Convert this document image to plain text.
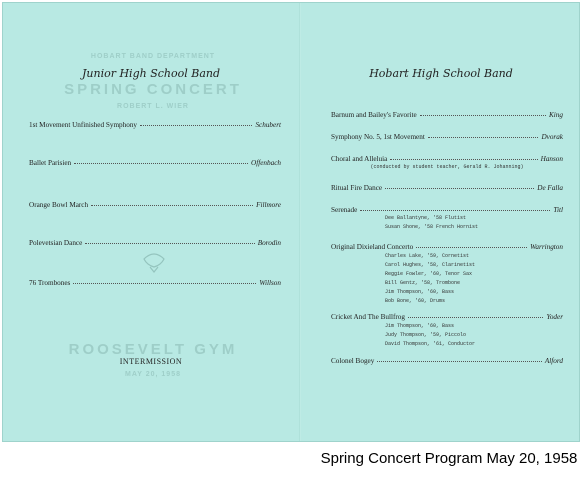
HOBART BAND DEPARTMENT
SPRING CONCERT
ROBERT L. WIER
Junior High School Band
1st Movement Unfinished Symphony	Schubert
Ballet Parisien	Offenbach
Orange Bowl March	Fillmore
Polevetsian Dance	Borodin
76 Trombones	Willson
ROOSEVELT GYM
INTERMISSION
MAY 20, 1958
Hobart High School Band
Barnum and Bailey's Favorite	King
Symphony No. 5, 1st Movement	Dvorak
Choral and Alleluia	Hanson
(conducted by student teacher, Gerald R. Johanning)
Ritual Fire Dance	De Falla
Serenade	Titl
Dee Ballantyne, '58 Flutist
Susan Shone, '58 French Hornist
Original Dixieland Concerto	Warrington
Charles Lake, '59, Cornetist
Carol Hughes, '58, Clarinetist
Reggie Fowler, '60, Tenor Sax
Bill Gentz, '58, Trombone
Jim Thompson, '60, Bass
Bob Bone, '60, Drums
Cricket And The Bullfrog	Yoder
Jim Thompson, '60, Bass
Judy Thompson, '59, Piccolo
David Thompson, '61, Conductor
Colonel Bogey	Alford
Spring Concert Program May 20, 1958
